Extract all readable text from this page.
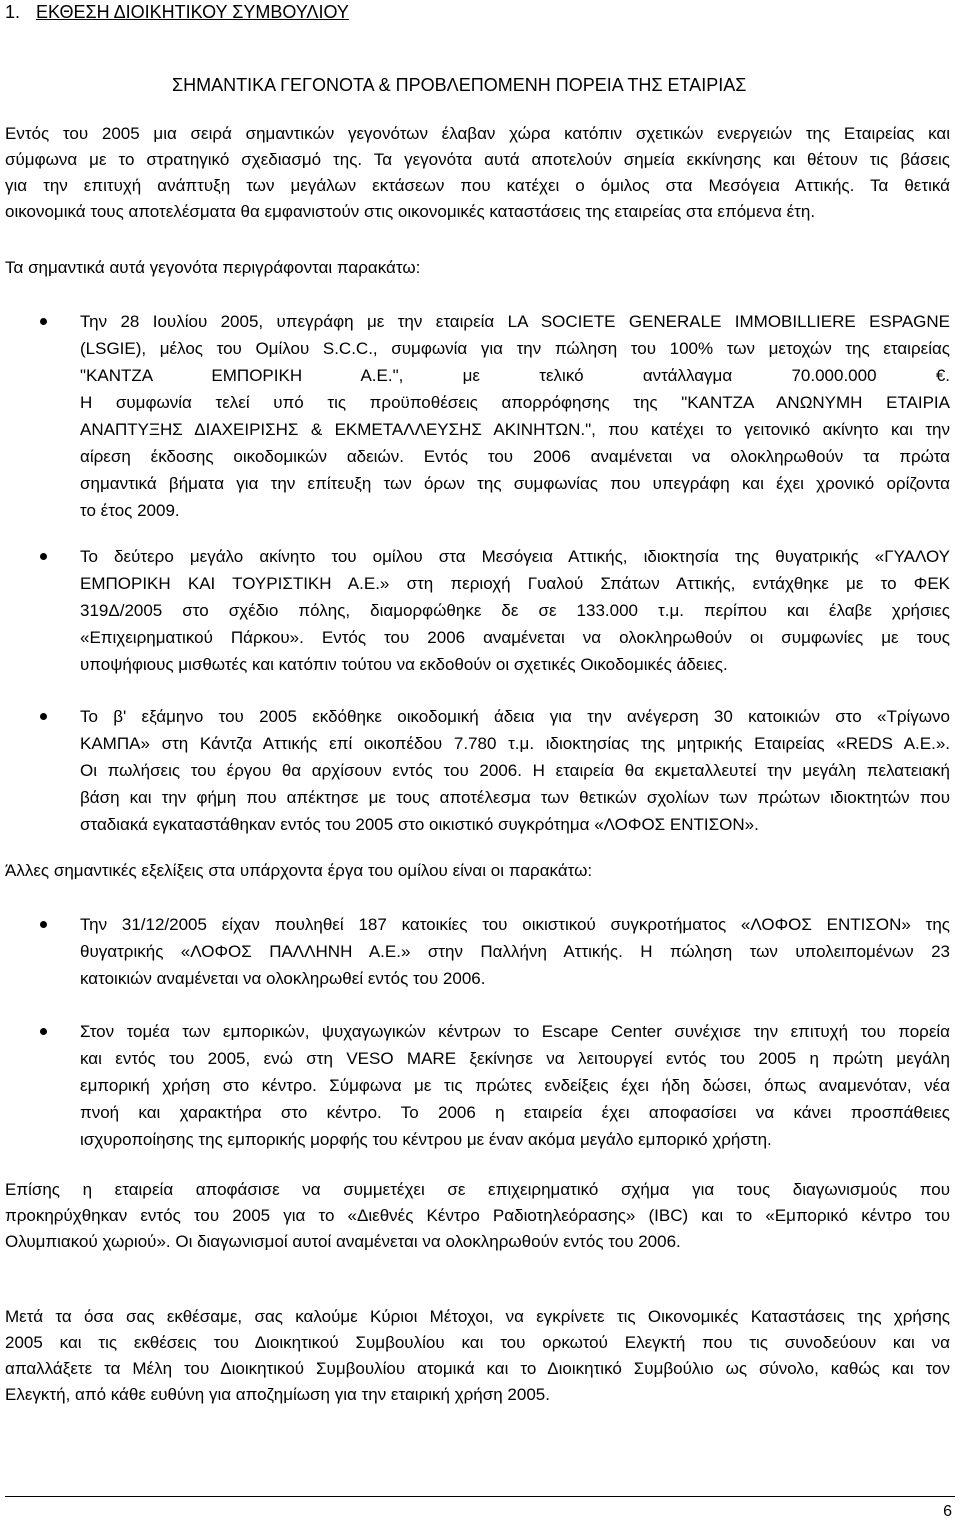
1. ΕΚΘΕΣΗ ΔΙΟΙΚΗΤΙΚΟΥ ΣΥΜΒΟΥΛΙΟΥ
ΣΗΜΑΝΤΙΚΑ ΓΕΓΟΝΟΤΑ & ΠΡΟΒΛΕΠΟΜΕΝΗ ΠΟΡΕΙΑ ΤΗΣ ΕΤΑΙΡΙΑΣ
Εντός του 2005 μια σειρά σημαντικών γεγονότων έλαβαν χώρα κατόπιν σχετικών ενεργειών της Εταιρείας και
σύμφωνα με το στρατηγικό σχεδιασμό της. Τα γεγονότα αυτά αποτελούν σημεία εκκίνησης και θέτουν τις βάσεις
για την επιτυχή ανάπτυξη των μεγάλων εκτάσεων που κατέχει ο όμιλος στα Μεσόγεια Αττικής. Τα θετικά
οικονομικά τους αποτελέσματα θα εμφανιστούν στις οικονομικές καταστάσεις της εταιρείας στα επόμενα έτη.
Τα σημαντικά αυτά γεγονότα περιγράφονται παρακάτω:
Την 28 Ιουλίου 2005, υπεγράφη με την εταιρεία LA SOCIETE GENERALE IMMOBILLIERE ESPAGNE
(LSGIE), μέλος του Ομίλου S.C.C., συμφωνία για την πώληση του 100% των μετοχών της εταιρείας
"ΚΑΝΤΖΑ ΕΜΠΟΡΙΚΗ Α.Ε.", με τελικό αντάλλαγμα 70.000.000 €.
Η συμφωνία τελεί υπό τις προϋποθέσεις απορρόφησης της "ΚΑΝΤΖΑ ΑΝΩΝΥΜΗ ΕΤΑΙΡΙΑ
ΑΝΑΠΤΥΞΗΣ ΔΙΑΧΕΙΡΙΣΗΣ & ΕΚΜΕΤΑΛΛΕΥΣΗΣ ΑΚΙΝΗΤΩΝ.", που κατέχει το γειτονικό ακίνητο και την
αίρεση έκδοσης οικοδομικών αδειών. Εντός του 2006 αναμένεται να ολοκληρωθούν τα πρώτα
σημαντικά βήματα για την επίτευξη των όρων της συμφωνίας που υπεγράφη και έχει χρονικό ορίζοντα
το έτος 2009.
Το δεύτερο μεγάλο ακίνητο του ομίλου στα Μεσόγεια Αττικής, ιδιοκτησία της θυγατρικής «ΓΥΑΛΟΥ
ΕΜΠΟΡΙΚΗ ΚΑΙ ΤΟΥΡΙΣΤΙΚΗ Α.Ε.» στη περιοχή Γυαλού Σπάτων Αττικής, εντάχθηκε με το ΦΕΚ
319Δ/2005 στο σχέδιο πόλης, διαμορφώθηκε δε σε 133.000 τ.μ. περίπου και έλαβε χρήσιες
«Επιχειρηματικού Πάρκου». Εντός του 2006 αναμένεται να ολοκληρωθούν οι συμφωνίες με τους
υποψήφιους μισθωτές και κατόπιν τούτου να εκδοθούν οι σχετικές Οικοδομικές άδειες.
Το β' εξάμηνο του 2005 εκδόθηκε οικοδομική άδεια για την ανέγερση 30 κατοικιών στο «Τρίγωνο
ΚΑΜΠΑ» στη Κάντζα Αττικής επί οικοπέδου 7.780 τ.μ. ιδιοκτησίας της μητρικής Εταιρείας «REDS A.E.».
Οι πωλήσεις του έργου θα αρχίσουν εντός του 2006. Η εταιρεία θα εκμεταλλευτεί την μεγάλη πελατειακή
βάση και την φήμη που απέκτησε με τους αποτέλεσμα των θετικών σχολίων των πρώτων ιδιοκτητών που
σταδιακά εγκαταστάθηκαν εντός του 2005 στο οικιστικό συγκρότημα «ΛΟΦΟΣ ΕΝΤΙΣΟΝ».
Άλλες σημαντικές εξελίξεις στα υπάρχοντα έργα του ομίλου είναι οι παρακάτω:
Την 31/12/2005 είχαν πουληθεί 187 κατοικίες του οικιστικού συγκροτήματος «ΛΟΦΟΣ ΕΝΤΙΣΟΝ» της
θυγατρικής «ΛΟΦΟΣ ΠΑΛΛΗΝΗ Α.Ε.» στην Παλλήνη Αττικής. Η πώληση των υπολειπομένων 23
κατοικιών αναμένεται να ολοκληρωθεί εντός του 2006.
Στον τομέα των εμπορικών, ψυχαγωγικών κέντρων το Escape Center συνέχισε την επιτυχή του πορεία
και εντός του 2005, ενώ στη VESO MARE ξεκίνησε να λειτουργεί εντός του 2005 η πρώτη μεγάλη
εμπορική χρήση στο κέντρο. Σύμφωνα με τις πρώτες ενδείξεις έχει ήδη δώσει, όπως αναμενόταν, νέα
πνοή και χαρακτήρα στο κέντρο. Το 2006 η εταιρεία έχει αποφασίσει να κάνει προσπάθειες
ισχυροποίησης της εμπορικής μορφής του κέντρου με έναν ακόμα μεγάλο εμπορικό χρήστη.
Επίσης η εταιρεία αποφάσισε να συμμετέχει σε επιχειρηματικό σχήμα για τους διαγωνισμούς που
προκηρύχθηκαν εντός του 2005 για το «Διεθνές Κέντρο Ραδιοτηλεόρασης» (IBC) και το «Εμπορικό κέντρο του
Ολυμπιακού χωριού». Οι διαγωνισμοί αυτοί αναμένεται να ολοκληρωθούν εντός του 2006.
Μετά τα όσα σας εκθέσαμε, σας καλούμε Κύριοι Μέτοχοι, να εγκρίνετε τις Οικονομικές Καταστάσεις της χρήσης
2005 και τις εκθέσεις του Διοικητικού Συμβουλίου και του ορκωτού Ελεγκτή που τις συνοδεύουν και να
απαλλάξετε τα Μέλη του Διοικητικού Συμβουλίου ατομικά και το Διοικητικό Συμβούλιο ως σύνολο, καθώς και τον
Ελεγκτή, από κάθε ευθύνη για αποζημίωση για την εταιρική χρήση 2005.
6
